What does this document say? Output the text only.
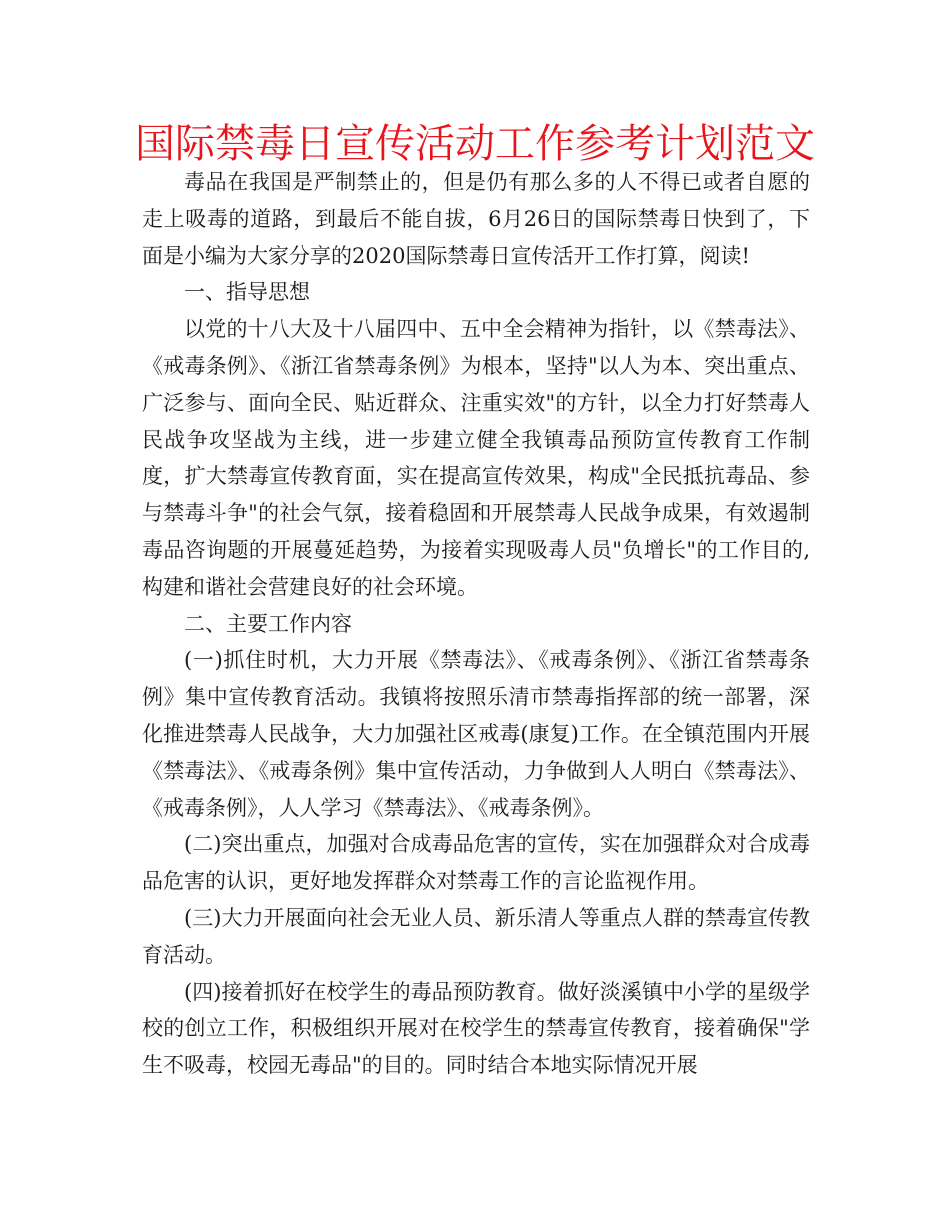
国际禁毒日宣传活动工作参考计划范文

毒品在我国是严制禁止的，但是仍有那么多的人不得已或者自愿的走上吸毒的道路，到最后不能自拔，6月26日的国际禁毒日快到了，下面是小编为大家分享的2020国际禁毒日宣传活开工作打算，阅读!

一、指导思想

以党的十八大及十八届四中、五中全会精神为指针，以《禁毒法》、《戒毒条例》、《浙江省禁毒条例》为根本，坚持"以人为本、突出重点、广泛参与、面向全民、贴近群众、注重实效"的方针，以全力打好禁毒人民战争攻坚战为主线，进一步建立健全我镇毒品预防宣传教育工作制度，扩大禁毒宣传教育面，实在提高宣传效果，构成"全民抵抗毒品、参与禁毒斗争"的社会气氛，接着稳固和开展禁毒人民战争成果，有效遏制毒品咨询题的开展蔓延趋势，为接着实现吸毒人员"负增长"的工作目的,构建和谐社会营建良好的社会环境。

二、主要工作内容

(一)抓住时机，大力开展《禁毒法》、《戒毒条例》、《浙江省禁毒条例》集中宣传教育活动。我镇将按照乐清市禁毒指挥部的统一部署，深化推进禁毒人民战争，大力加强社区戒毒(康复)工作。在全镇范围内开展《禁毒法》、《戒毒条例》集中宣传活动，力争做到人人明白《禁毒法》、《戒毒条例》，人人学习《禁毒法》、《戒毒条例》。

(二)突出重点，加强对合成毒品危害的宣传，实在加强群众对合成毒品危害的认识，更好地发挥群众对禁毒工作的言论监视作用。

(三)大力开展面向社会无业人员、新乐清人等重点人群的禁毒宣传教育活动。

(四)接着抓好在校学生的毒品预防教育。做好淡溪镇中小学的星级学校的创立工作，积极组织开展对在校学生的禁毒宣传教育，接着确保"学生不吸毒，校园无毒品"的目的。同时结合本地实际情况开展
